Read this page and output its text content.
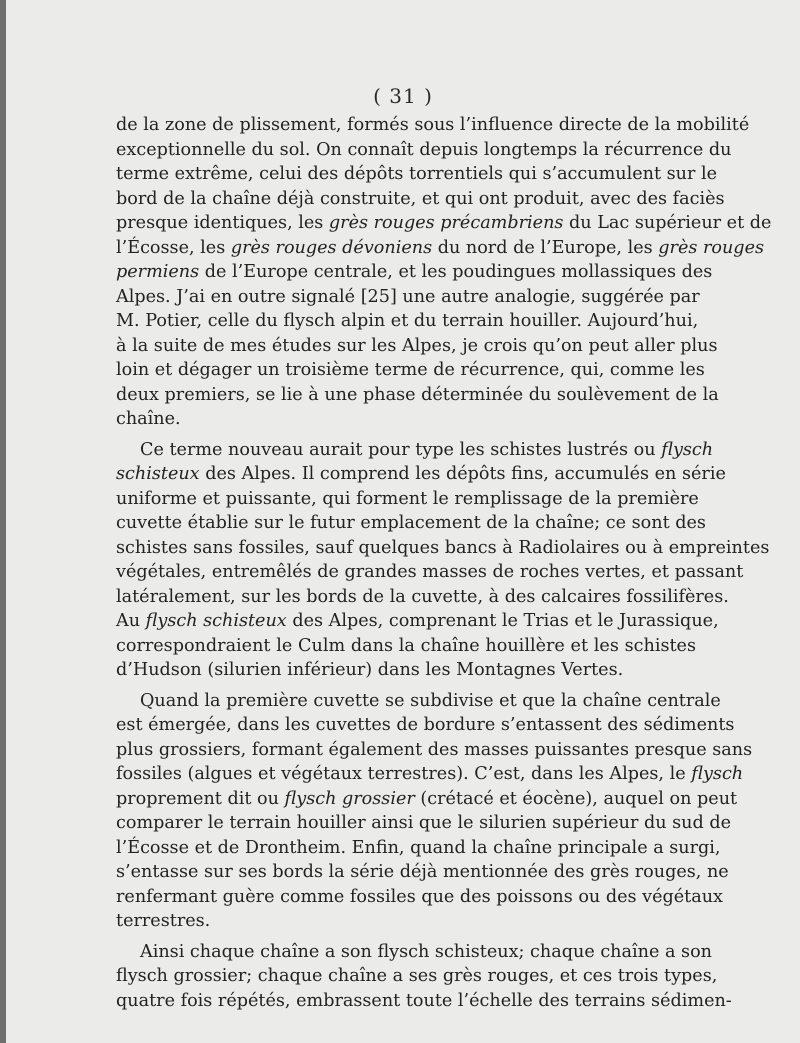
( 31 )
de la zone de plissement, formés sous l’influence directe de la mobilité
exceptionnelle du sol. On connaît depuis longtemps la récurrence du
terme extrême, celui des dépôts torrentiels qui s’accumulent sur le
bord de la chaîne déjà construite, et qui ont produit, avec des faciès
presque identiques, les grès rouges précambriens du Lac supérieur et de
l’Écosse, les grès rouges dévoniens du nord de l’Europe, les grès rouges
permiens de l’Europe centrale, et les poudingues mollassiques des
Alpes. J’ai en outre signalé [25] une autre analogie, suggérée par
M. Potier, celle du flysch alpin et du terrain houiller. Aujourd’hui,
à la suite de mes études sur les Alpes, je crois qu’on peut aller plus
loin et dégager un troisième terme de récurrence, qui, comme les
deux premiers, se lie à une phase déterminée du soulèvement de la
chaîne.
Ce terme nouveau aurait pour type les schistes lustrés ou flysch
schisteux des Alpes. Il comprend les dépôts fins, accumulés en série
uniforme et puissante, qui forment le remplissage de la première
cuvette établie sur le futur emplacement de la chaîne; ce sont des
schistes sans fossiles, sauf quelques bancs à Radiolaires ou à empreintes
végétales, entremêlés de grandes masses de roches vertes, et passant
latéralement, sur les bords de la cuvette, à des calcaires fossilifères.
Au flysch schisteux des Alpes, comprenant le Trias et le Jurassique,
correspondraient le Culm dans la chaîne houillère et les schistes
d’Hudson (silurien inférieur) dans les Montagnes Vertes.
Quand la première cuvette se subdivise et que la chaîne centrale
est émergée, dans les cuvettes de bordure s’entassent des sédiments
plus grossiers, formant également des masses puissantes presque sans
fossiles (algues et végétaux terrestres). C’est, dans les Alpes, le flysch
proprement dit ou flysch grossier (crétacé et éocène), auquel on peut
comparer le terrain houiller ainsi que le silurien supérieur du sud de
l’Écosse et de Drontheim. Enfin, quand la chaîne principale a surgi,
s’entasse sur ses bords la série déjà mentionnée des grès rouges, ne
renfermant guère comme fossiles que des poissons ou des végétaux
terrestres.
Ainsi chaque chaîne a son flysch schisteux; chaque chaîne a son
flysch grossier; chaque chaîne a ses grès rouges, et ces trois types,
quatre fois répétés, embrassent toute l’échelle des terrains sédimen-
